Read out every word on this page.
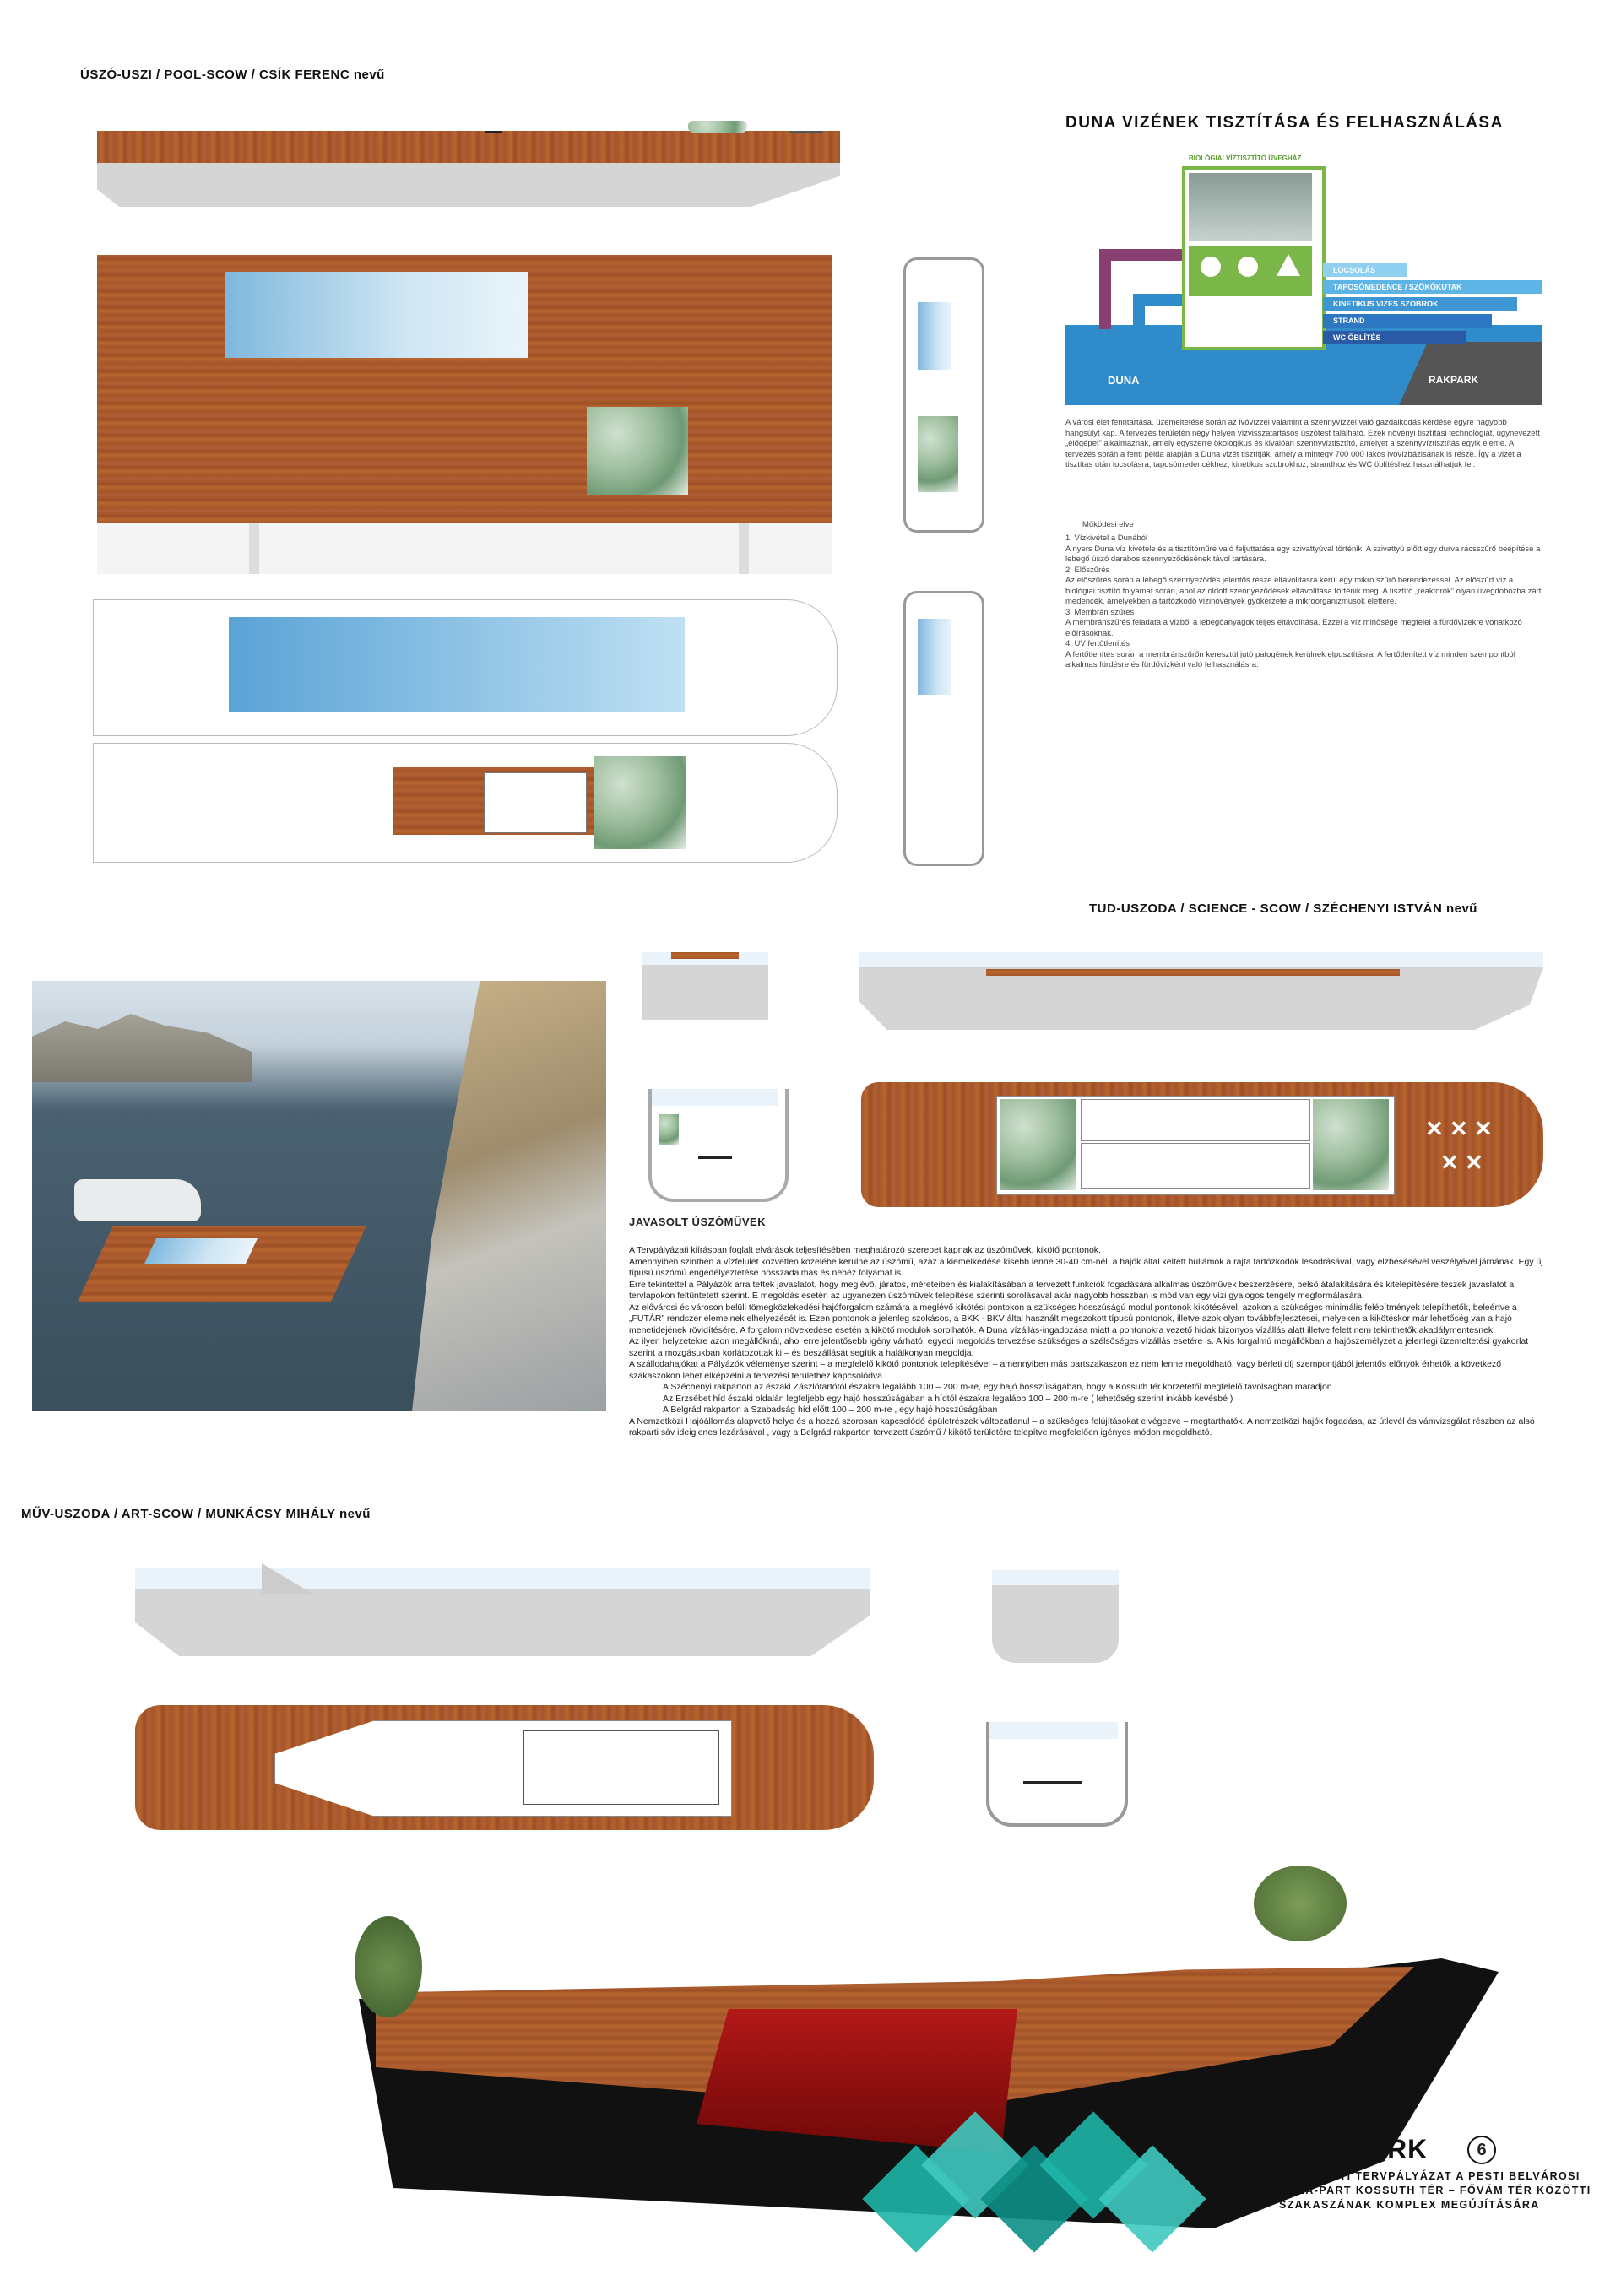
ÚSZÓ-USZI / POOL-SCOW / CSÍK FERENC nevű
DUNA VIZÉNEK TISZTÍTÁSA ÉS FELHASZNÁLÁSA
DUNA	RAKPARK
BIOLÓGIAI VÍZTISZTÍTÓ ÜVEGHÁZ
LOCSOLÁS
TAPOSÓMEDENCE / SZÖKŐKUTAK
KINETIKUS VIZES SZOBROK
STRAND
WC ÖBLÍTÉS
A városi élet fenntartása, üzemeltetése során az ivóvízzel valamint a szennyvízzel való gazdálkodás kérdése egyre nagyobb hangsúlyt kap. A tervezés területén négy helyen vízvisszatartásos úszótest található. Ezek növényi tisztítási technológiát, úgynevezett „élőgépet” alkalmaznak, amely egyszerre ökologikus és kiválóan szennyvíztisztító, amelyet a szennyvíztisztítás egyik eleme. A tervezés során a fenti példa alapján a Duna vizét tisztítják, amely a mintegy 700 000 lakos ivóvízbázisának is része. Így a vizet a tisztítás után locsolásra, taposómedencékhez, kinetikus szobrokhoz, strandhoz és WC öblítéshez használhatjuk fel.
Működési elve
1. Vízkivétel a Dunából
A nyers Duna víz kivétele és a tisztítóműre való feljuttatása egy szivattyúval történik. A szivattyú előtt egy durva rácsszűrő beépítése a lebegő úszó darabos szennyeződésének távol tartására.
2. Előszűrés
Az előszűrés során a lebegő szennyeződés jelentős része eltávolításra kerül egy mikro szűrő berendezéssel. Az előszűrt víz a biológiai tisztító folyamat során, ahol az oldott szennyeződések eltávolítása történik meg. A tisztító „reaktorok” olyan üvegdobozba zárt medencék, amelyekben a tartózkodó vízinövények gyökérzete a mikroorganizmusok élettere.
3. Membrán szűrés
A membránszűrés feladata a vízből a lebegőanyagok teljes eltávolítása. Ezzel a víz minősége megfelel a fürdővizekre vonatkozó előírásoknak.
4. UV fertőtlenítés
A fertőtlenítés során a membránszűrőn keresztül jutó patogének kerülnek elpusztításra. A fertőtlenített víz minden szempontból alkalmas fürdésre és fürdővízként való felhasználásra.
TUD-USZODA / SCIENCE - SCOW / SZÉCHENYI ISTVÁN nevű
✕ ✕ ✕
✕ ✕
JAVASOLT ÚSZÓMŰVEK
A Tervpályázati kiírásban foglalt elvárások teljesítésében meghatározó szerepet kapnak az úszóművek, kikötő pontonok.
Amennyiben szintben a vízfelület közvetlen közelébe kerülne az úszómű, azaz a kiemelkedése kisebb lenne 30-40 cm-nél, a hajók által keltett hullámok a rajta tartózkodók lesodrásával, vagy elzbesésével veszélyével járnának. Egy új típusú úszómű engedélyeztetése hosszadalmas és nehéz folyamat is.
Erre tekintettel a Pályázók arra tettek javaslatot, hogy meglévő, járatos, méreteiben és kialakításában a tervezett funkciók fogadására alkalmas úszóművek beszerzésére, belső átalakítására és kitelepítésére teszek javaslatot a tervlapokon feltüntetett szerint. E megoldás esetén az ugyanezen úszóművek telepítése szerinti sorolásával akár nagyobb hosszban is mód van egy vízi gyalogos tengely megformálására.
Az elővárosi és városon belüli tömegközlekedési hajóforgalom számára a meglévő kikötési pontokon a szükséges hosszúságú modul pontonok kikötésével, azokon a szükséges minimális felépítmények telepíthetők, beleértve a „FUTÁR” rendszer elemeinek elhelyezését is. Ezen pontonok a jelenleg szokásos, a BKK - BKV által használt megszokott típusú pontonok, illetve azok olyan továbbfejlesztései, melyeken a kikötéskor már lehetőség van a hajó menetidejének rövidítésére. A forgalom növekedése esetén a kikötő modulok sorolhatók. A Duna vízállás-ingadozása miatt a pontonokra vezető hidak bizonyos vízállás alatt illetve felett nem tekinthetők akadálymentesnek.
Az ilyen helyzetekre azon megállóknál, ahol erre jelentősebb igény várható, egyedi megoldás tervezése szükséges a szélsőséges vízállás esetére is. A kis forgalmú megállókban a hajószemélyzet a jelenlegi üzemeltetési gyakorlat szerint a mozgásukban korlátozottak ki – és beszállását segítik a halálkonyan megoldja.
A szállodahajókat a Pályázók véleménye szerint – a megfelelő kikötő pontonok telepítésével – amennyiben más partszakaszon ez nem lenne megoldható, vagy bérleti díj szempontjából jelentős előnyök érhetők a következő szakaszokon lehet elképzelni a tervezési területhez kapcsolódva :
A Széchenyi rakparton az északi Zászlótartótól északra legalább 100 – 200 m-re, egy hajó hosszúságában, hogy a Kossuth tér körzetétől megfelelő távolságban maradjon.
Az Erzsébet híd északi oldalán legfeljebb egy hajó hosszúságában a hídtól északra legalább 100 – 200 m-re ( lehetőség szerint inkább kevésbé )
A Belgrád rakparton a Szabadság híd előtt 100 – 200 m-re , egy hajó hosszúságában
A Nemzetközi Hajóállomás alapvető helye és a hozzá szorosan kapcsolódó épületrészek változatlanul – a szükséges felújításokat elvégezve – megtarthatók. A nemzetközi hajók fogadása, az útlevél és vámvizsgálat részben az alsó rakparti sáv ideiglenes lezárásával , vagy a Belgrád rakparton tervezett úszómű / kikötő területére telepítve megfelelően igényes módon megoldható.
MŰV-USZODA / ART-SCOW / MUNKÁCSY MIHÁLY nevű
RAK-PARK	6
ÉPÍTÉSZETI TERVPÁLYÁZAT A PESTI BELVÁROSI
DUNA-PART KOSSUTH TÉR – FŐVÁM TÉR KÖZÖTTI
SZAKASZÁNAK KOMPLEX MEGÚJÍTÁSÁRA
